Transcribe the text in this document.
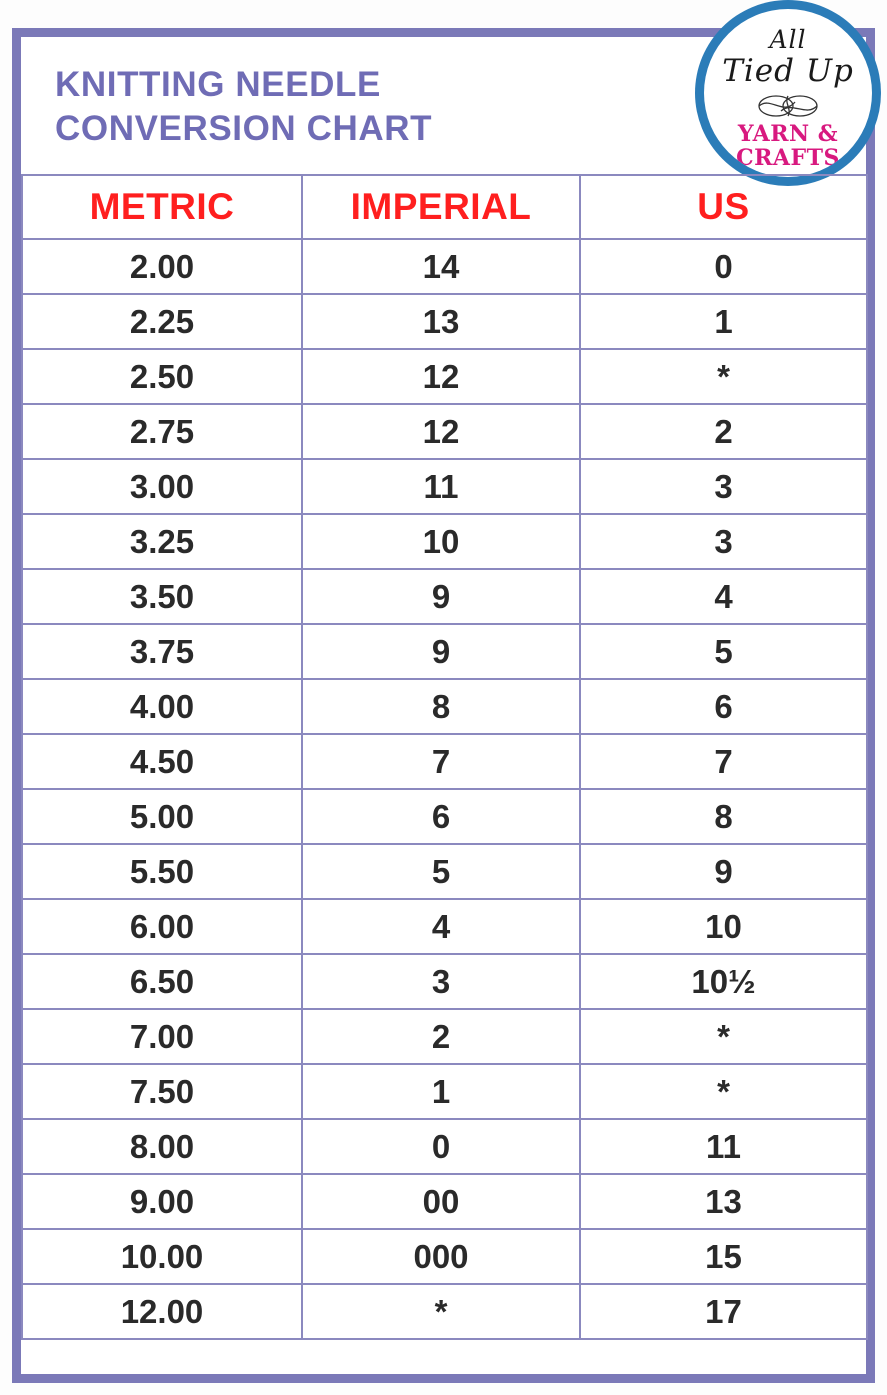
KNITTING NEEDLE
CONVERSION CHART
All
Tied Up
YARN &
CRAFTS
METRIC	IMPERIAL	US
2.00	14	0
2.25	13	1
2.50	12	*
2.75	12	2
3.00	11	3
3.25	10	3
3.50	9	4
3.75	9	5
4.00	8	6
4.50	7	7
5.00	6	8
5.50	5	9
6.00	4	10
6.50	3	10½
7.00	2	*
7.50	1	*
8.00	0	11
9.00	00	13
10.00	000	15
12.00	*	17
